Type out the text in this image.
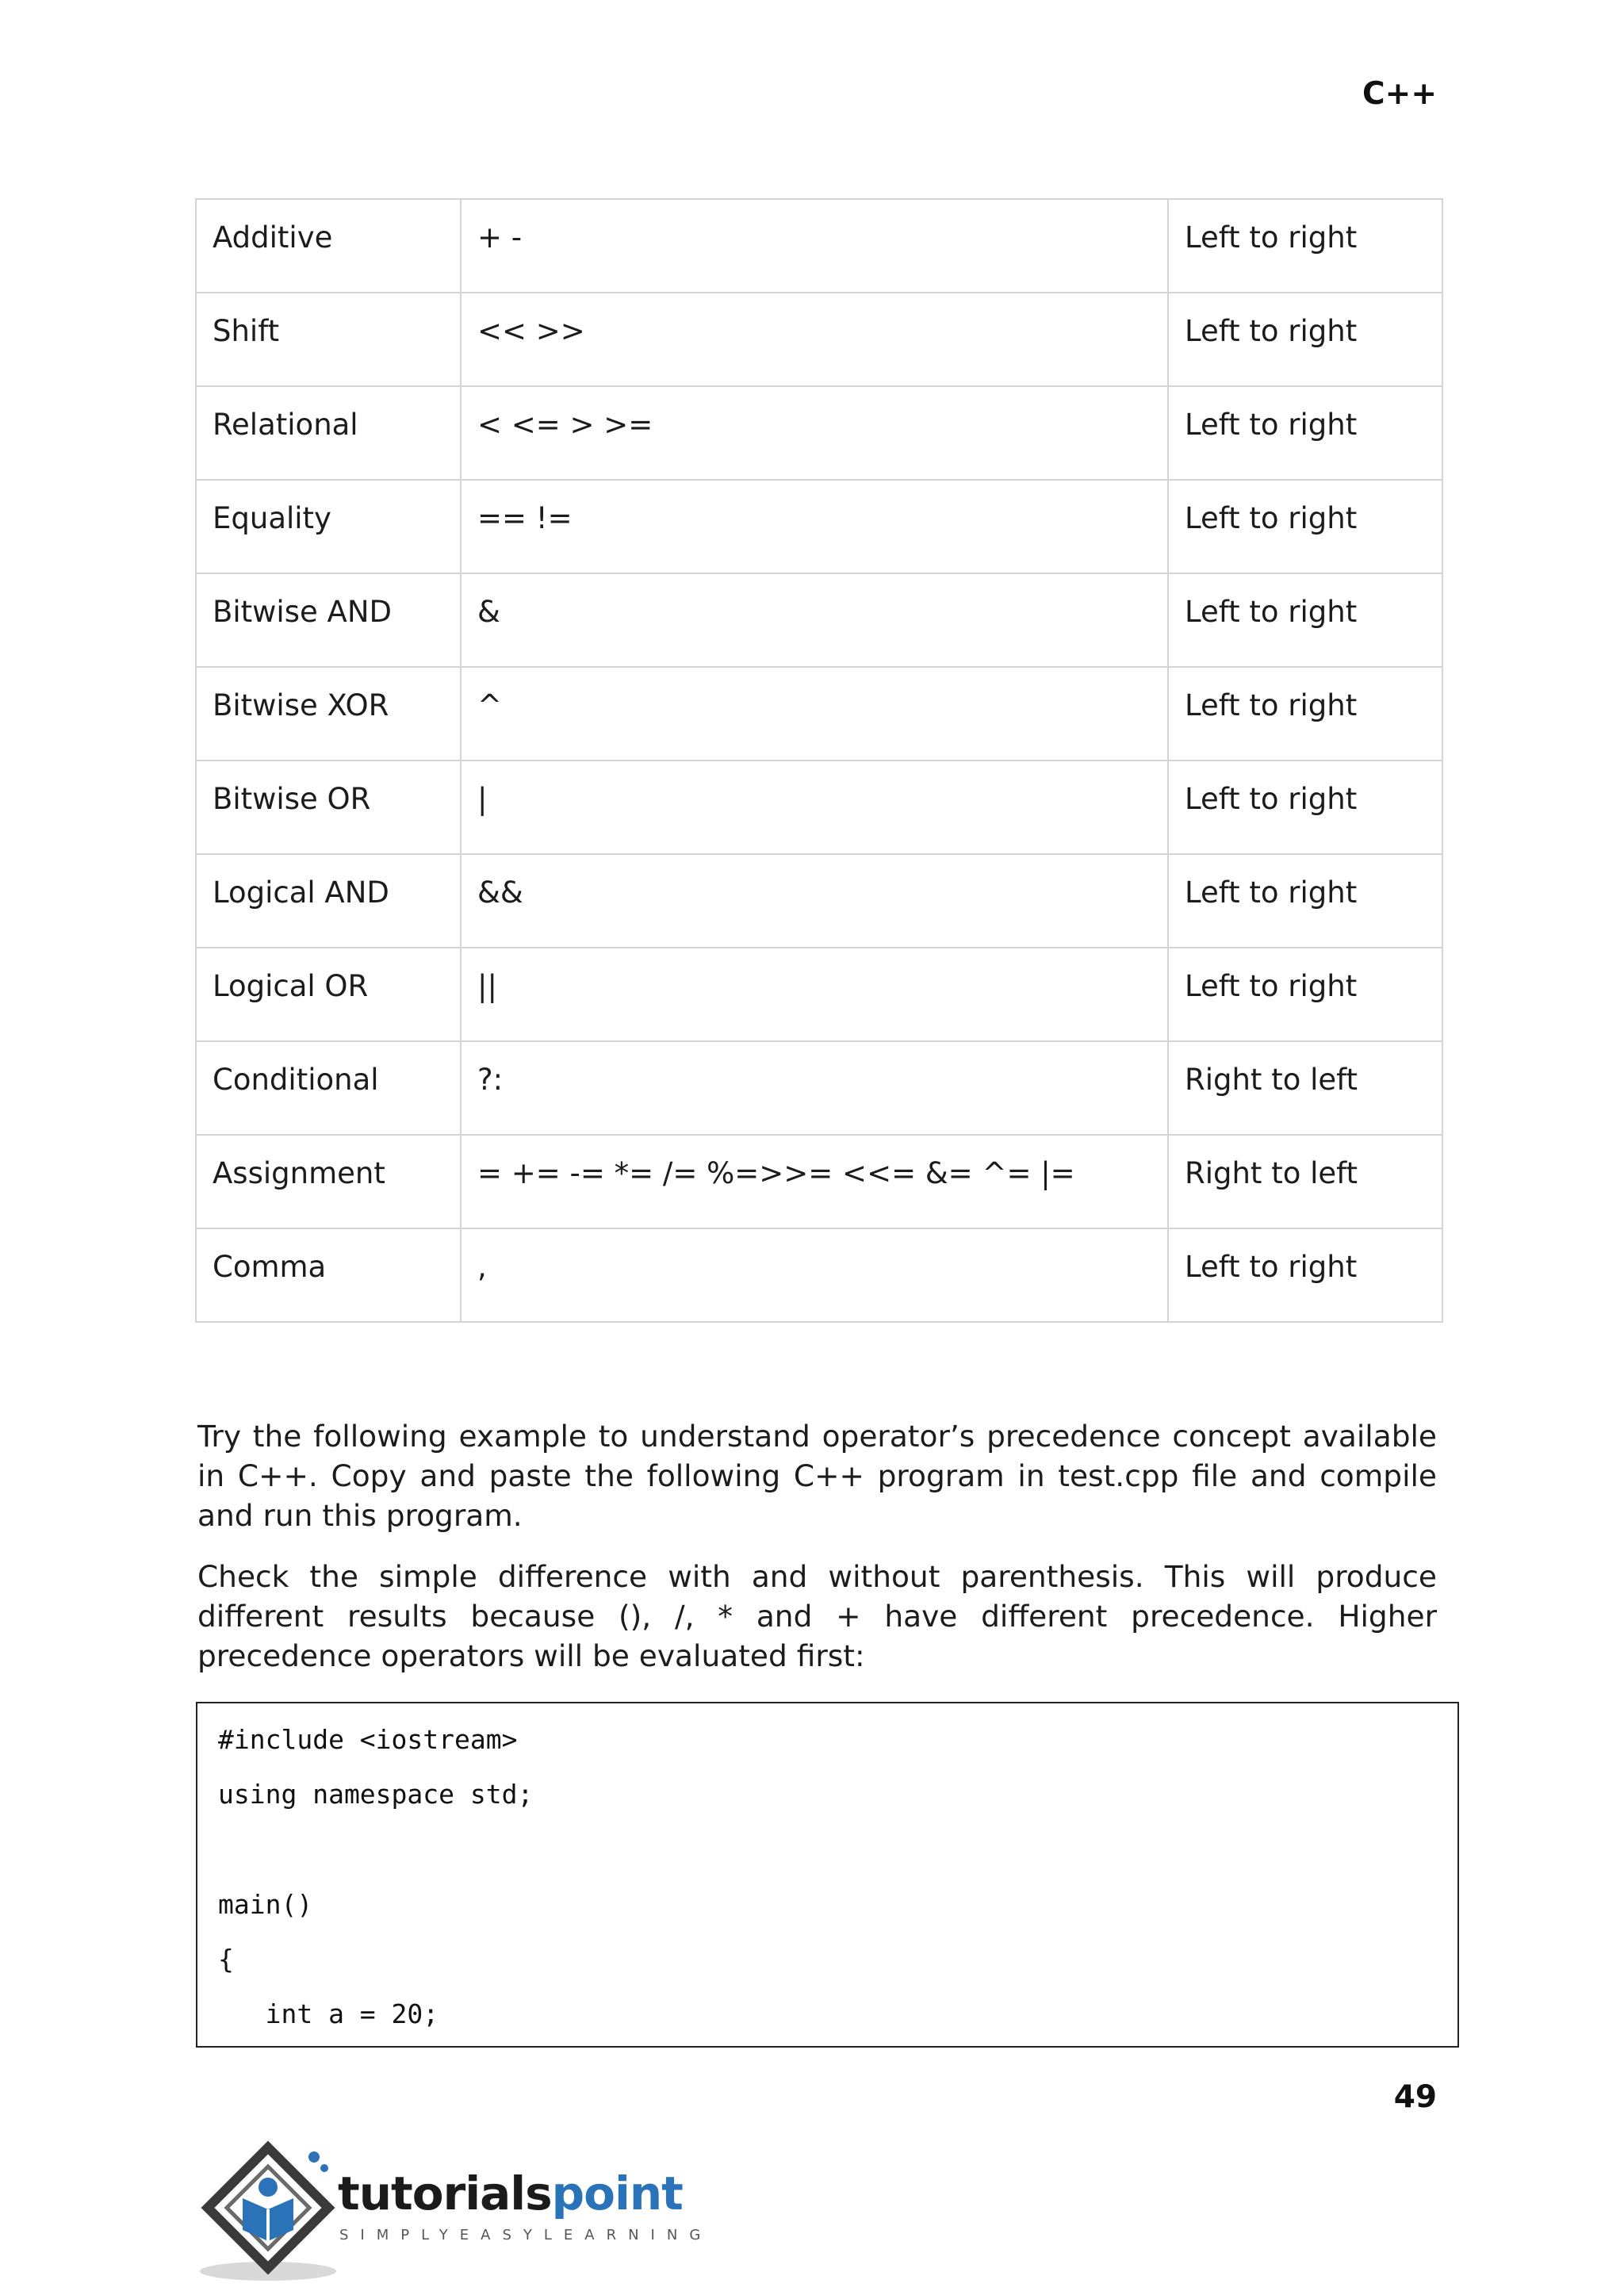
C++
Additive	+ -	Left to right
Shift	<< >>	Left to right
Relational	< <= > >=	Left to right
Equality	== !=	Left to right
Bitwise AND	&	Left to right
Bitwise XOR	^	Left to right
Bitwise OR	|	Left to right
Logical AND	&&	Left to right
Logical OR	||	Left to right
Conditional	?:	Right to left
Assignment	= += -= *= /= %=>>= <<= &= ^= |=	Right to left
Comma	,	Left to right

Try the following example to understand operator’s precedence concept available in C++. Copy and paste the following C++ program in test.cpp file and compile and run this program.

Check the simple difference with and without parenthesis. This will produce different results because (), /, * and + have different precedence. Higher precedence operators will be evaluated first:

#include <iostream>
using namespace std;
main()
{
int a = 20;
49
tutorialspoint
SIMPLYEASYLEARNING
